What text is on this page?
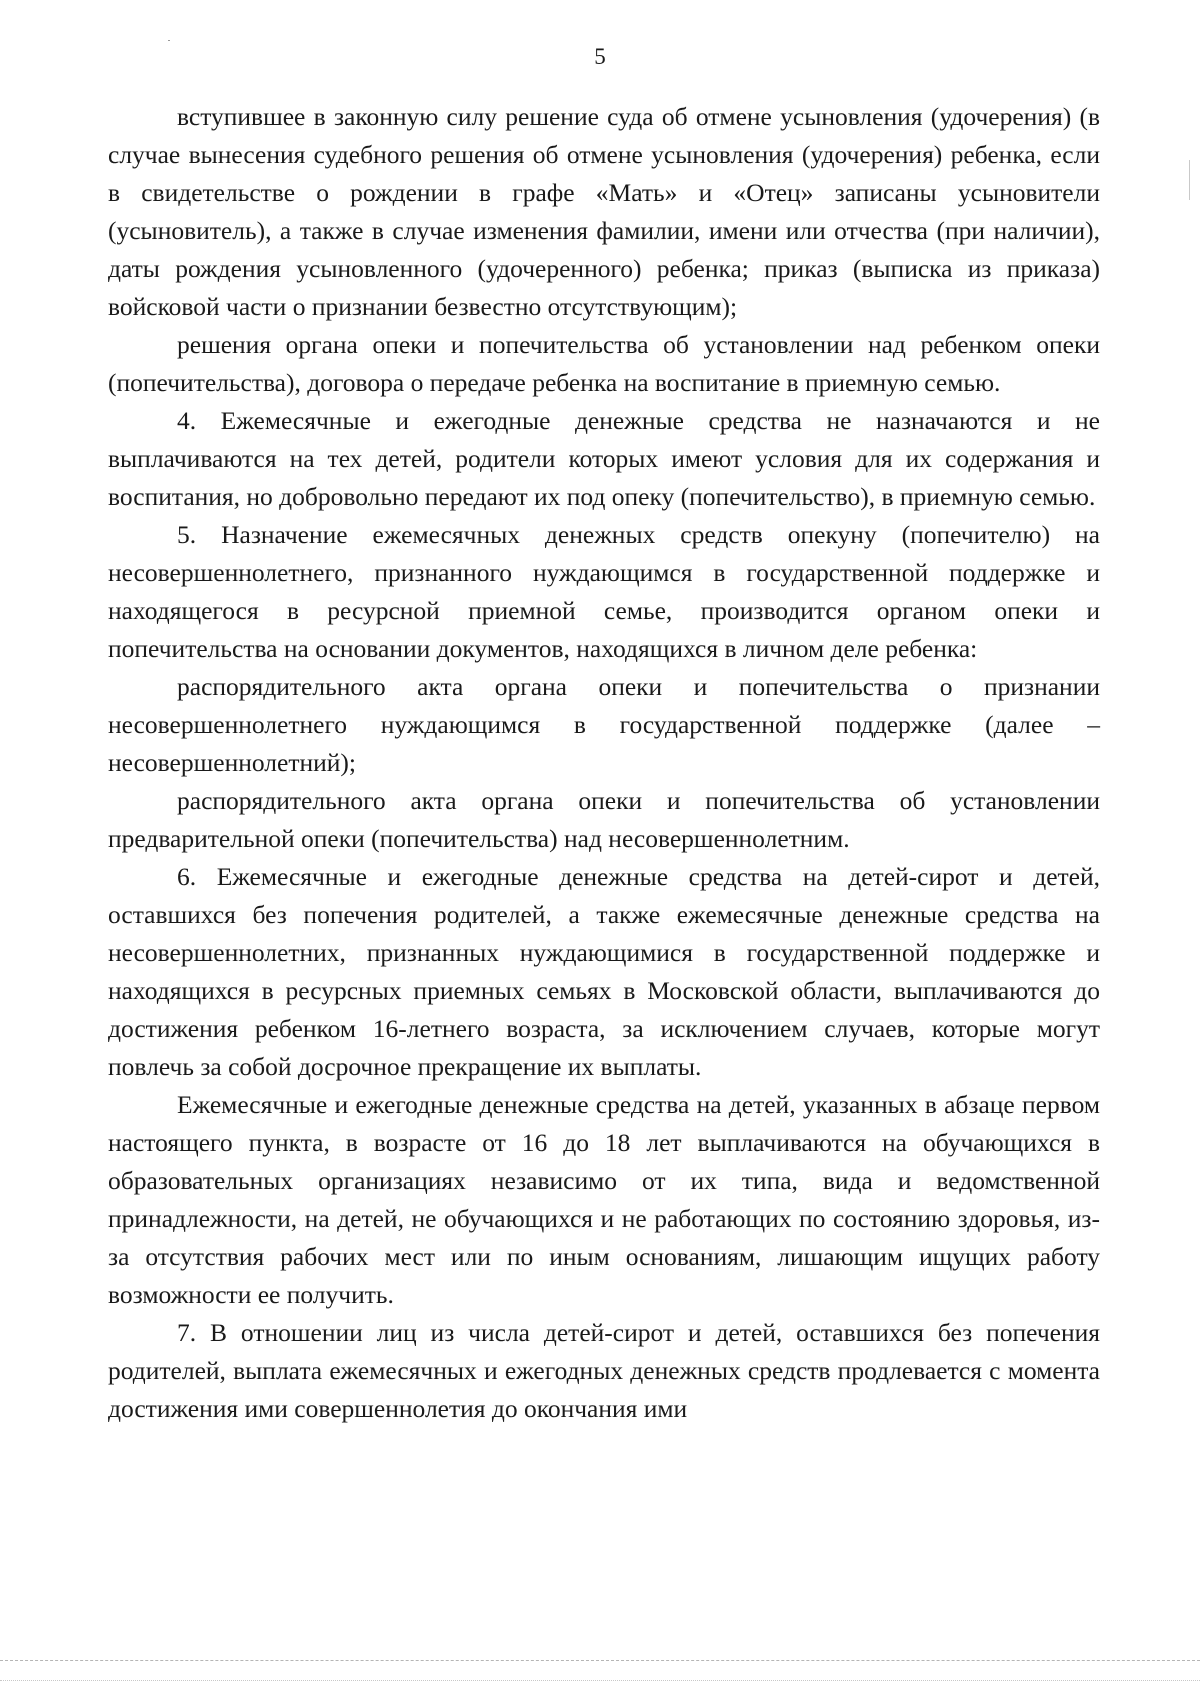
5

вступившее в законную силу решение суда об отмене усыновления (удочерения) (в случае вынесения судебного решения об отмене усыновления (удочерения) ребенка, если в свидетельстве о рождении в графе «Мать» и «Отец» записаны усыновители (усыновитель), а также в случае изменения фамилии, имени или отчества (при наличии), даты рождения усыновленного (удочеренного) ребенка; приказ (выписка из приказа) войсковой части о признании безвестно отсутствующим);

решения органа опеки и попечительства об установлении над ребенком опеки (попечительства), договора о передаче ребенка на воспитание в приемную семью.

4. Ежемесячные и ежегодные денежные средства не назначаются и не выплачиваются на тех детей, родители которых имеют условия для их содержания и воспитания, но добровольно передают их под опеку (попечительство), в приемную семью.

5. Назначение ежемесячных денежных средств опекуну (попечителю) на несовершеннолетнего, признанного нуждающимся в государственной поддержке и находящегося в ресурсной приемной семье, производится органом опеки и попечительства на основании документов, находящихся в личном деле ребенка:

распорядительного акта органа опеки и попечительства о признании несовершеннолетнего нуждающимся в государственной поддержке (далее – несовершеннолетний);

распорядительного акта органа опеки и попечительства об установлении предварительной опеки (попечительства) над несовершеннолетним.

6. Ежемесячные и ежегодные денежные средства на детей-сирот и детей, оставшихся без попечения родителей, а также ежемесячные денежные средства на несовершеннолетних, признанных нуждающимися в государственной поддержке и находящихся в ресурсных приемных семьях в Московской области, выплачиваются до достижения ребенком 16-летнего возраста, за исключением случаев, которые могут повлечь за собой досрочное прекращение их выплаты.

Ежемесячные и ежегодные денежные средства на детей, указанных в абзаце первом настоящего пункта, в возрасте от 16 до 18 лет выплачиваются на обучающихся в образовательных организациях независимо от их типа, вида и ведомственной принадлежности, на детей, не обучающихся и не работающих по состоянию здоровья, из-за отсутствия рабочих мест или по иным основаниям, лишающим ищущих работу возможности ее получить.

7. В отношении лиц из числа детей-сирот и детей, оставшихся без попечения родителей, выплата ежемесячных и ежегодных денежных средств продлевается с момента достижения ими совершеннолетия до окончания ими
